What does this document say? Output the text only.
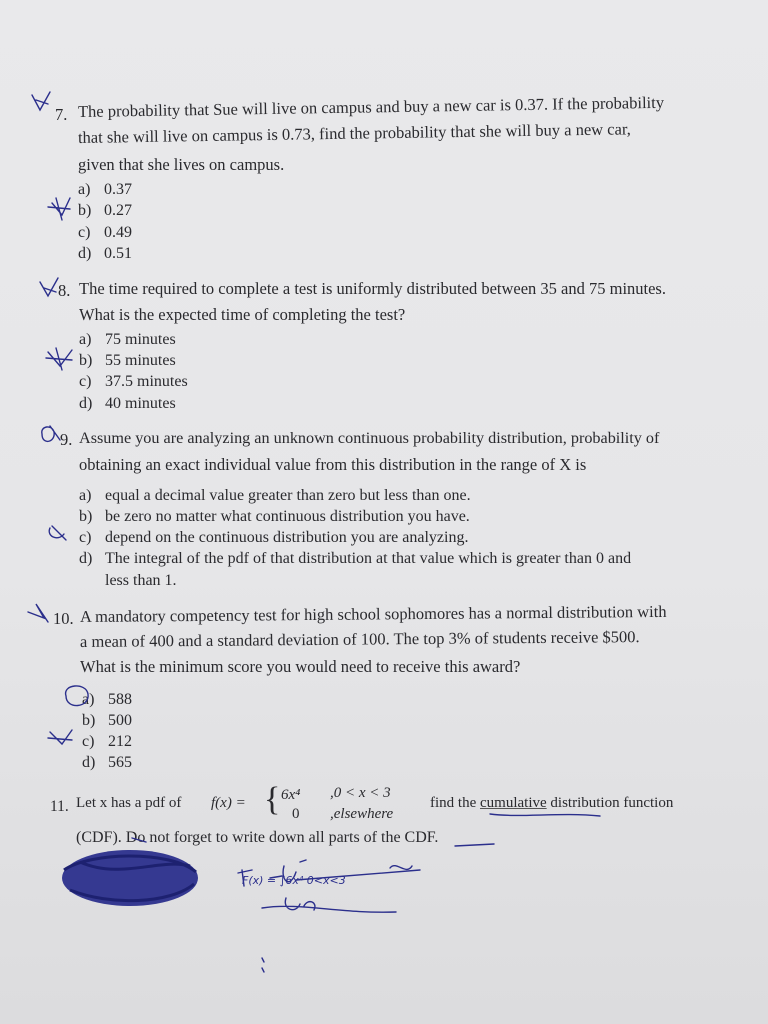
7. The probability that Sue will live on campus and buy a new car is 0.37. If the probability
that she will live on campus is 0.73, find the probability that she will buy a new car,
given that she lives on campus.
a) 0.37
b) 0.27
c) 0.49
d) 0.51
8. The time required to complete a test is uniformly distributed between 35 and 75 minutes.
What is the expected time of completing the test?
a) 75 minutes
b) 55 minutes
c) 37.5 minutes
d) 40 minutes
9. Assume you are analyzing an unknown continuous probability distribution, probability of
obtaining an exact individual value from this distribution in the range of X is
a) equal a decimal value greater than zero but less than one.
b) be zero no matter what continuous distribution you have.
c) depend on the continuous distribution you are analyzing.
d) The integral of the pdf of that distribution at that value which is greater than 0 and
less than 1.
10. A mandatory competency test for high school sophomores has a normal distribution with
a mean of 400 and a standard deviation of 100. The top 3% of students receive $500.
What is the minimum score you would need to receive this award?
a) 588
b) 500
c) 212
d) 565
11. Let x has a pdf of f(x) = { 6x⁴ ,0 < x < 3
0 ,elsewhere
find the cumulative distribution function
(CDF). Do not forget to write down all parts of the CDF.
F(x) = ∫6x⁴ 0<x<3
